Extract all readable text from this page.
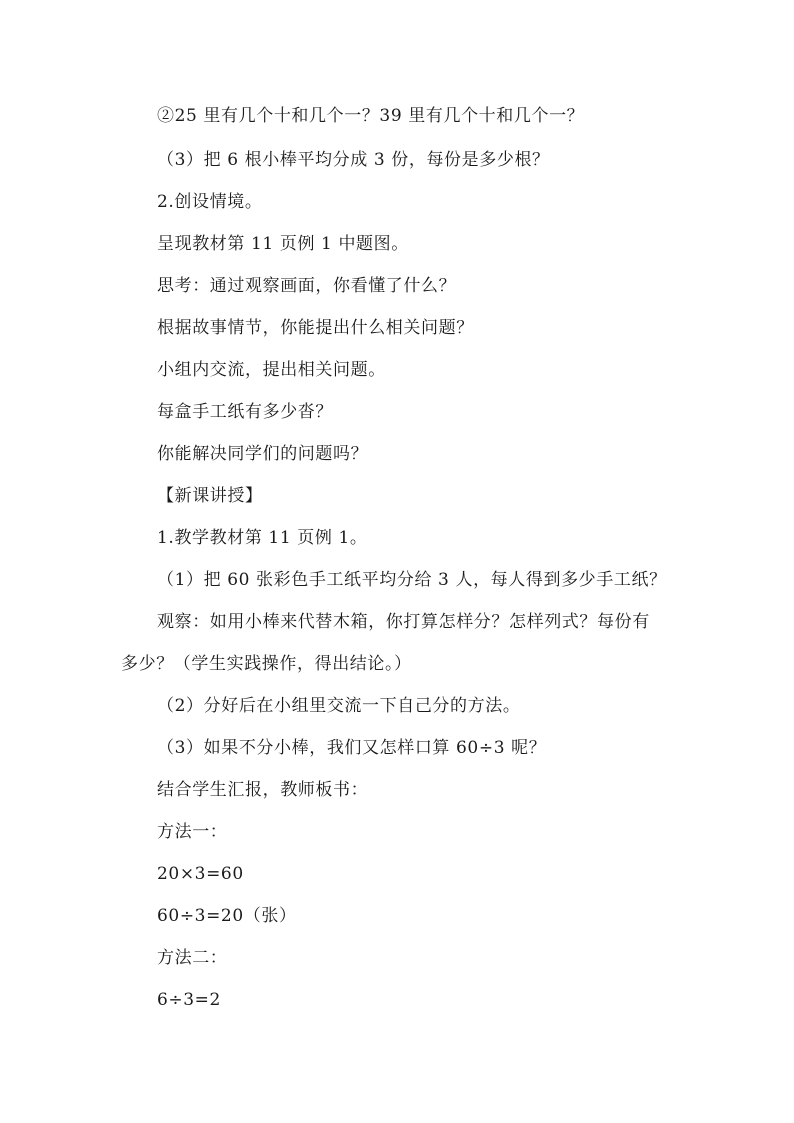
②25 里有几个十和几个一？39 里有几个十和几个一？
（3）把 6 根小棒平均分成 3 份，每份是多少根？
2.创设情境。
呈现教材第 11 页例 1 中题图。
思考：通过观察画面，你看懂了什么？
根据故事情节，你能提出什么相关问题？
小组内交流，提出相关问题。
每盒手工纸有多少沓？
你能解决同学们的问题吗？
【新课讲授】
1.教学教材第 11 页例 1。
（1）把 60 张彩色手工纸平均分给 3 人，每人得到多少手工纸？
观察：如用小棒来代替木箱，你打算怎样分？怎样列式？每份有
多少？（学生实践操作，得出结论。）
（2）分好后在小组里交流一下自己分的方法。
（3）如果不分小棒，我们又怎样口算 60÷3 呢？
结合学生汇报，教师板书：
方法一：
20×3=60
60÷3=20（张）
方法二：
6÷3=2
